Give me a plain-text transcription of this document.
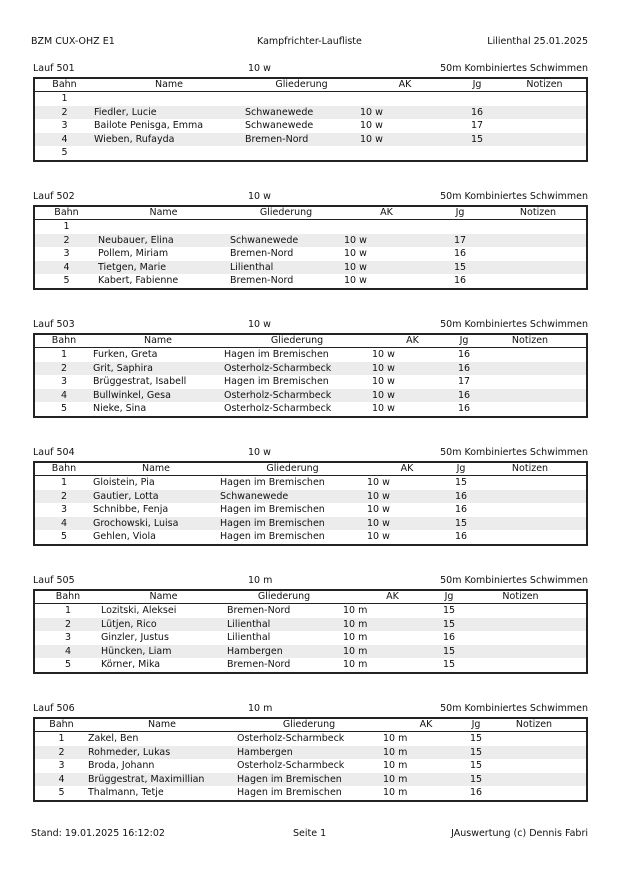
BZM CUX-OHZ E1	Kampfrichter-Laufliste	Lilienthal 25.01.2025
Lauf 501	10 w	50m Kombiniertes Schwimmen
Bahn	Name	Gliederung	AK	Jg	Notizen
1					
2	Fiedler, Lucie	Schwanewede	10 w	16	
3	Bailote Penisga, Emma	Schwanewede	10 w	17	
4	Wieben, Rufayda	Bremen-Nord	10 w	15	
5					
Lauf 502	10 w	50m Kombiniertes Schwimmen
Bahn	Name	Gliederung	AK	Jg	Notizen
1					
2	Neubauer, Elina	Schwanewede	10 w	17	
3	Pollem, Miriam	Bremen-Nord	10 w	16	
4	Tietgen, Marie	Lilienthal	10 w	15	
5	Kabert, Fabienne	Bremen-Nord	10 w	16	
Lauf 503	10 w	50m Kombiniertes Schwimmen
Bahn	Name	Gliederung	AK	Jg	Notizen
1	Furken, Greta	Hagen im Bremischen	10 w	16	
2	Grit, Saphira	Osterholz-Scharmbeck	10 w	16	
3	Brüggestrat, Isabell	Hagen im Bremischen	10 w	17	
4	Bullwinkel, Gesa	Osterholz-Scharmbeck	10 w	16	
5	Nieke, Sina	Osterholz-Scharmbeck	10 w	16	
Lauf 504	10 w	50m Kombiniertes Schwimmen
Bahn	Name	Gliederung	AK	Jg	Notizen
1	Gloistein, Pia	Hagen im Bremischen	10 w	15	
2	Gautier, Lotta	Schwanewede	10 w	16	
3	Schnibbe, Fenja	Hagen im Bremischen	10 w	16	
4	Grochowski, Luisa	Hagen im Bremischen	10 w	15	
5	Gehlen, Viola	Hagen im Bremischen	10 w	16	
Lauf 505	10 m	50m Kombiniertes Schwimmen
Bahn	Name	Gliederung	AK	Jg	Notizen
1	Lozitski, Aleksei	Bremen-Nord	10 m	15	
2	Lütjen, Rico	Lilienthal	10 m	15	
3	Ginzler, Justus	Lilienthal	10 m	16	
4	Hüncken, Liam	Hambergen	10 m	15	
5	Körner, Mika	Bremen-Nord	10 m	15	
Lauf 506	10 m	50m Kombiniertes Schwimmen
Bahn	Name	Gliederung	AK	Jg	Notizen
1	Zakel, Ben	Osterholz-Scharmbeck	10 m	15	
2	Rohmeder, Lukas	Hambergen	10 m	15	
3	Broda, Johann	Osterholz-Scharmbeck	10 m	15	
4	Brüggestrat, Maximillian	Hagen im Bremischen	10 m	15	
5	Thalmann, Tetje	Hagen im Bremischen	10 m	16	
Stand: 19.01.2025 16:12:02	Seite 1	JAuswertung (c) Dennis Fabri
